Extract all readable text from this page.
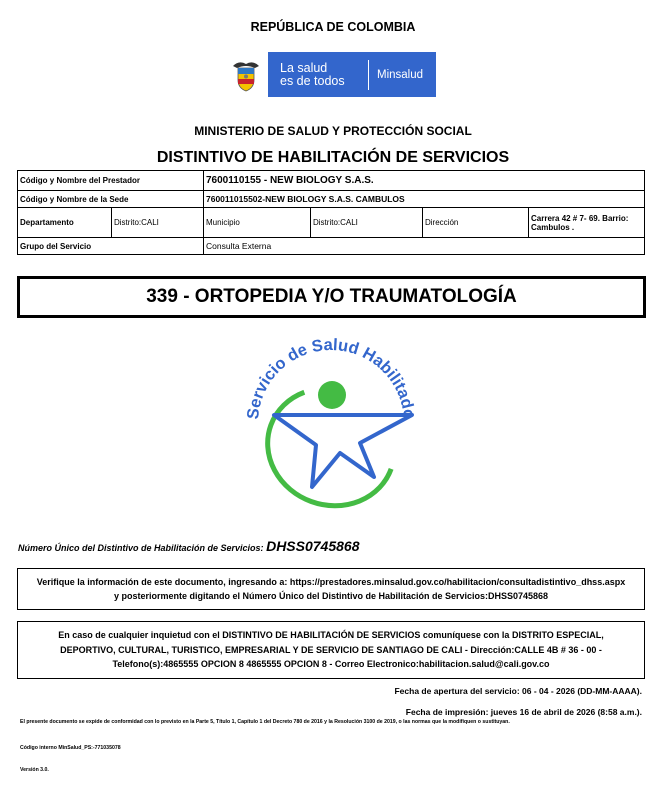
REPÚBLICA DE COLOMBIA
La salud
es de todos	Minsalud
MINISTERIO DE SALUD Y PROTECCIÓN SOCIAL
DISTINTIVO DE HABILITACIÓN DE SERVICIOS
Código y Nombre del Prestador		7600110155 - NEW BIOLOGY S.A.S.			
Código y Nombre de la Sede		760011015502-NEW BIOLOGY S.A.S. CAMBULOS			
Departamento	Distrito:CALI	Municipio	Distrito:CALI	Dirección	Carrera 42 # 7- 69. Barrio: Cambulos .
Grupo del Servicio		Consulta Externa			
339 - ORTOPEDIA Y/O TRAUMATOLOGÍA
Servicio de Salud Habilitado
Número Único del Distintivo de Habilitación de Servicios: DHSS0745868
Verifique la información de este documento, ingresando a: https://prestadores.minsalud.gov.co/habilitacion/consultadistintivo_dhss.aspx
y posteriormente digitando el Número Único del Distintivo de Habilitación de Servicios:DHSS0745868
En caso de cualquier inquietud con el DISTINTIVO DE HABILITACIÓN DE SERVICIOS comuníquese con la DISTRITO ESPECIAL,
DEPORTIVO, CULTURAL, TURISTICO, EMPRESARIAL Y DE SERVICIO DE SANTIAGO DE CALI - Dirección:CALLE 4B # 36 - 00 -
Telefono(s):4865555 OPCION 8 4865555 OPCION 8 - Correo Electronico:habilitacion.salud@cali.gov.co
Fecha de apertura del servicio: 06 - 04 - 2026 (DD-MM-AAAA).
Fecha de impresión: jueves 16 de abril de 2026 (8:58 a.m.).
El presente documento se expide de conformidad con lo previsto en la Parte 5, Título 1, Capítulo 1 del Decreto 780 de 2016 y la Resolución 3100 de 2019, o las normas que la modifiquen o sustituyan.
Código interno MinSalud_PS:-771035078
Versión 3.0.
